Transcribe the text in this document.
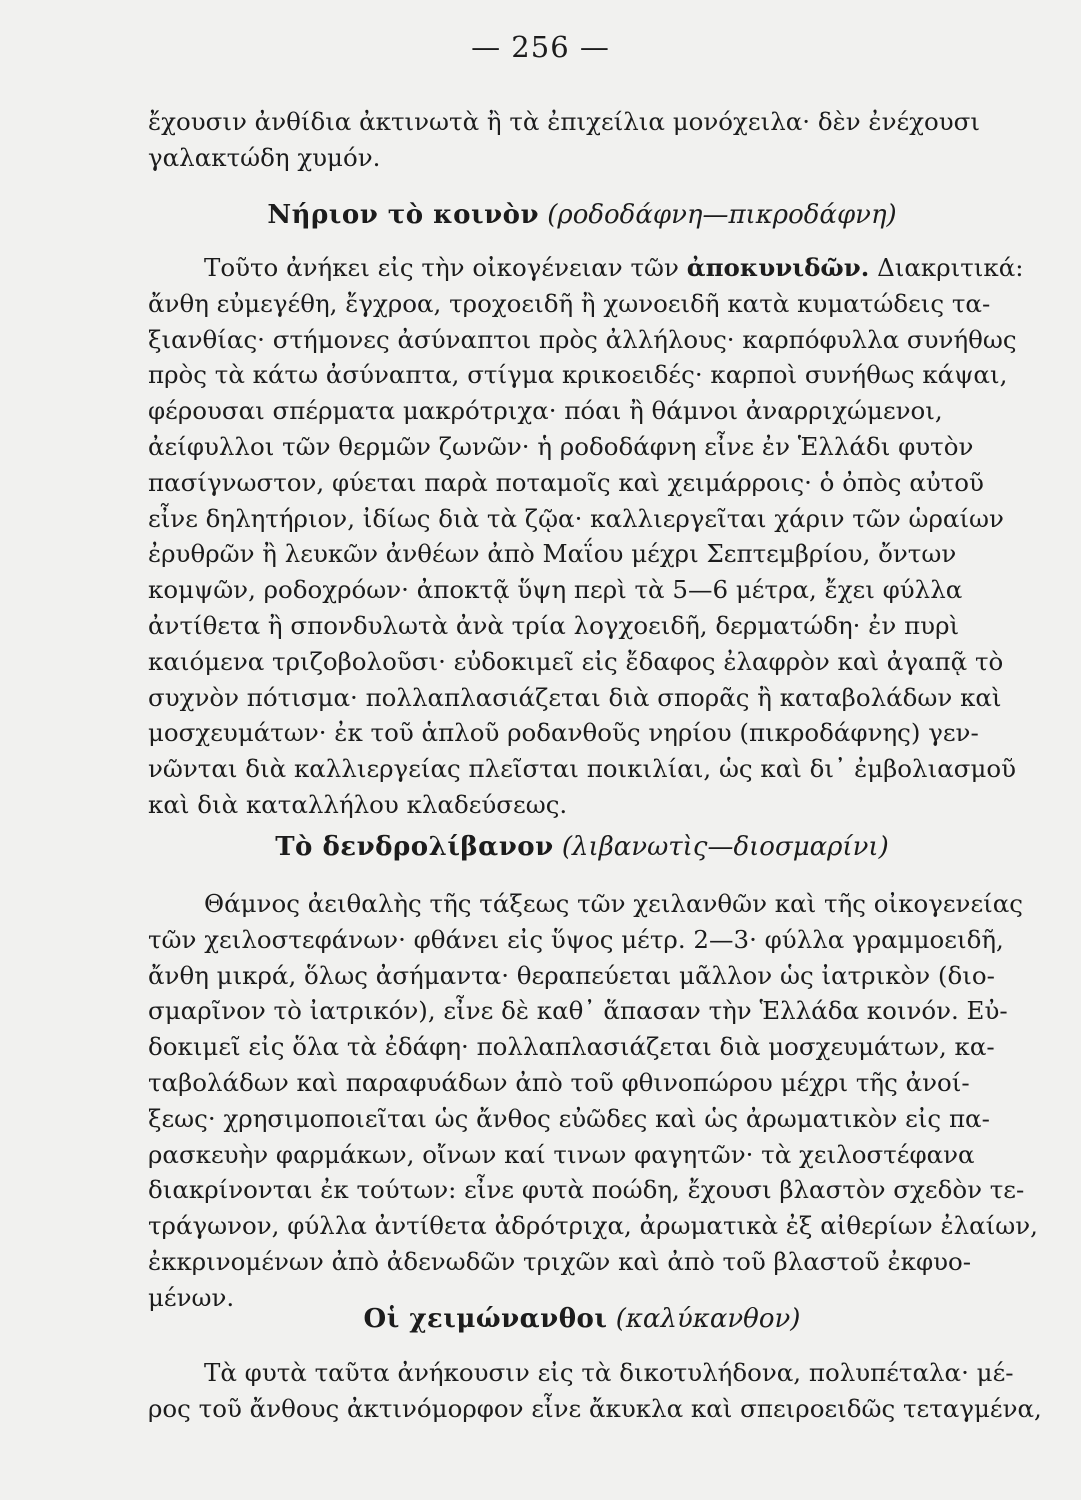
— 256 —
ἔχουσιν ἀνθίδια ἀκτινωτὰ ἢ τὰ ἐπιχείλια μονόχειλα· δὲν ἐνέχουσι
γαλακτώδη χυμόν.
Νήριον τὸ κοινὸν (ροδοδάφνη—πικροδάφνη)
Τοῦτο ἀνήκει εἰς τὴν οἰκογένειαν τῶν ἀποκυνιδῶν. Διακριτικά:
ἄνθη εὐμεγέθη, ἔγχροα, τροχοειδῆ ἢ χωνοειδῆ κατὰ κυματώδεις τα-
ξιανθίας· στήμονες ἀσύναπτοι πρὸς ἀλλήλους· καρπόφυλλα συνήθως
πρὸς τὰ κάτω ἀσύναπτα, στίγμα κρικοειδές· καρποὶ συνήθως κάψαι,
φέρουσαι σπέρματα μακρότριχα· πόαι ἢ θάμνοι ἀναρριχώμενοι,
ἀείφυλλοι τῶν θερμῶν ζωνῶν· ἡ ροδοδάφνη εἶνε ἐν Ἑλλάδι φυτὸν
πασίγνωστον, φύεται παρὰ ποταμοῖς καὶ χειμάρροις· ὁ ὀπὸς αὐτοῦ
εἶνε δηλητήριον, ἰδίως διὰ τὰ ζῷα· καλλιεργεῖται χάριν τῶν ὡραίων
ἐρυθρῶν ἢ λευκῶν ἀνθέων ἀπὸ Μαΐου μέχρι Σεπτεμβρίου, ὄντων
κομψῶν, ροδοχρόων· ἀποκτᾷ ὕψη περὶ τὰ 5—6 μέτρα, ἔχει φύλλα
ἀντίθετα ἢ σπονδυλωτὰ ἀνὰ τρία λογχοειδῆ, δερματώδη· ἐν πυρὶ
καιόμενα τριζοβολοῦσι· εὐδοκιμεῖ εἰς ἔδαφος ἐλαφρὸν καὶ ἀγαπᾷ τὸ
συχνὸν πότισμα· πολλαπλασιάζεται διὰ σπορᾶς ἢ καταβολάδων καὶ
μοσχευμάτων· ἐκ τοῦ ἁπλοῦ ροδανθοῦς νηρίου (πικροδάφνης) γεν-
νῶνται διὰ καλλιεργείας πλεῖσται ποικιλίαι, ὡς καὶ δι᾽ ἐμβολιασμοῦ
καὶ διὰ καταλλήλου κλαδεύσεως.
Τὸ δενδρολίβανον (λιβανωτὶς—διοσμαρίνι)
Θάμνος ἀειθαλὴς τῆς τάξεως τῶν χειλανθῶν καὶ τῆς οἰκογενείας
τῶν χειλοστεφάνων· φθάνει εἰς ὕψος μέτρ. 2—3· φύλλα γραμμοειδῆ,
ἄνθη μικρά, ὅλως ἀσήμαντα· θεραπεύεται μᾶλλον ὡς ἰατρικὸν (διο-
σμαρῖνον τὸ ἰατρικόν), εἶνε δὲ καθ᾽ ἅπασαν τὴν Ἑλλάδα κοινόν. Εὐ-
δοκιμεῖ εἰς ὅλα τὰ ἐδάφη· πολλαπλασιάζεται διὰ μοσχευμάτων, κα-
ταβολάδων καὶ παραφυάδων ἀπὸ τοῦ φθινοπώρου μέχρι τῆς ἀνοί-
ξεως· χρησιμοποιεῖται ὡς ἄνθος εὐῶδες καὶ ὡς ἀρωματικὸν εἰς πα-
ρασκευὴν φαρμάκων, οἴνων καί τινων φαγητῶν· τὰ χειλοστέφανα
διακρίνονται ἐκ τούτων: εἶνε φυτὰ ποώδη, ἔχουσι βλαστὸν σχεδὸν τε-
τράγωνον, φύλλα ἀντίθετα ἀδρότριχα, ἀρωματικὰ ἐξ αἰθερίων ἐλαίων,
ἐκκρινομένων ἀπὸ ἀδενωδῶν τριχῶν καὶ ἀπὸ τοῦ βλαστοῦ ἐκφυο-
μένων.
Οἱ χειμώνανθοι (καλύκανθον)
Τὰ φυτὰ ταῦτα ἀνήκουσιν εἰς τὰ δικοτυλήδονα, πολυπέταλα· μέ-
ρος τοῦ ἄνθους ἀκτινόμορφον εἶνε ἄκυκλα καὶ σπειροειδῶς τεταγμένα,
